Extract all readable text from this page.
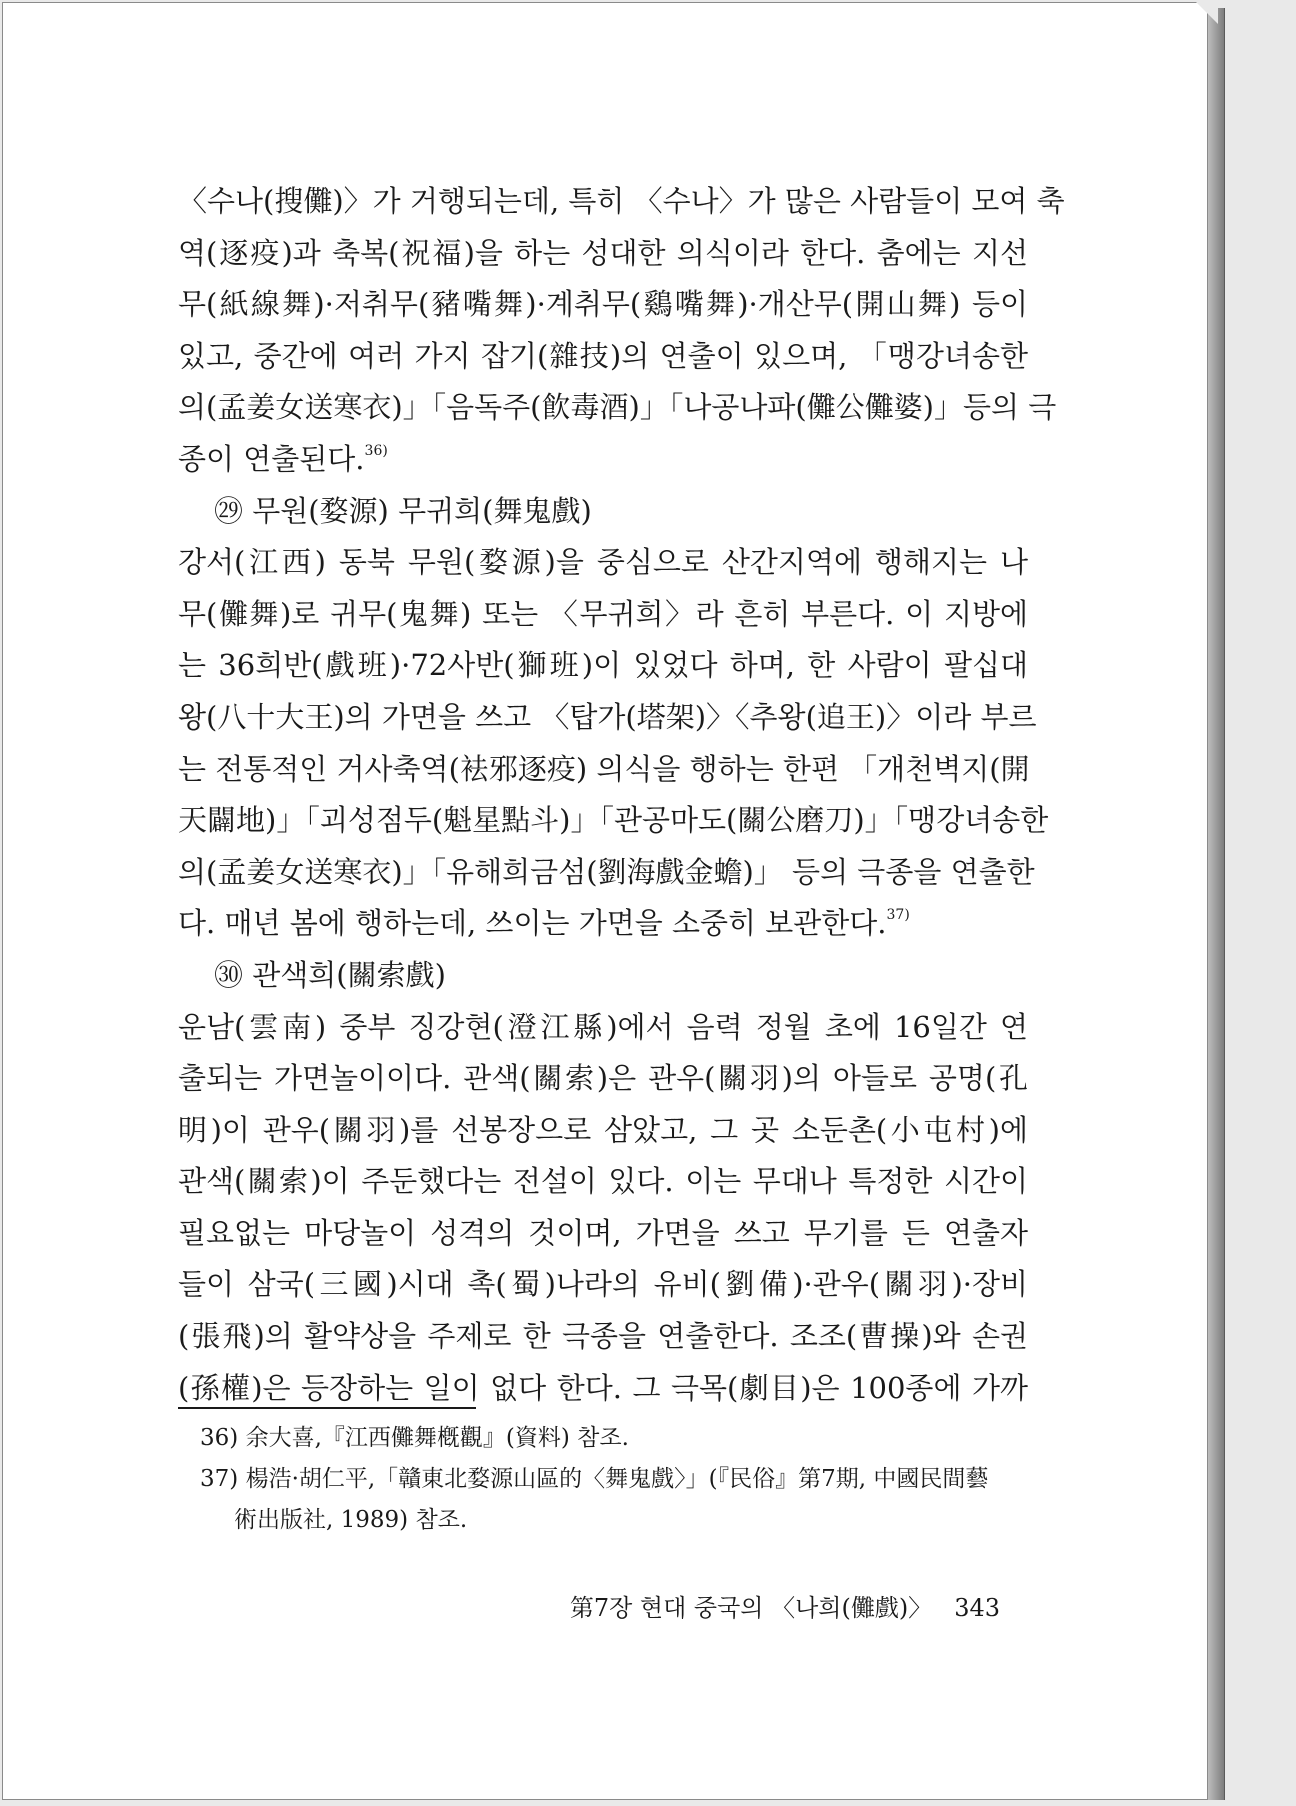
〈수나(搜儺)〉가 거행되는데, 특히 〈수나〉가 많은 사람들이 모여 축
역(逐疫)과 축복(祝福)을 하는 성대한 의식이라 한다. 춤에는 지선
무(紙線舞)·저취무(豬嘴舞)·계취무(鷄嘴舞)·개산무(開山舞) 등이
있고, 중간에 여러 가지 잡기(雜技)의 연출이 있으며, 「맹강녀송한
의(孟姜女送寒衣)」「음독주(飮毒酒)」「나공나파(儺公儺婆)」등의 극
종이 연출된다.$^{36)}$
㉙ 무원(婺源) 무귀희(舞鬼戲)
강서(江西) 동북 무원(婺源)을 중심으로 산간지역에 행해지는 나
무(儺舞)로 귀무(鬼舞) 또는 〈무귀희〉라 흔히 부른다. 이 지방에
는 36희반(戲班)·72사반(獅班)이 있었다 하며, 한 사람이 팔십대
왕(八十大王)의 가면을 쓰고 〈탑가(塔架)〉〈추왕(追王)〉이라 부르
는 전통적인 거사축역(袪邪逐疫) 의식을 행하는 한편 「개천벽지(開
天闢地)」「괴성점두(魁星點斗)」「관공마도(關公磨刀)」「맹강녀송한
의(孟姜女送寒衣)」「유해희금섬(劉海戲金蟾)」 등의 극종을 연출한
다. 매년 봄에 행하는데, 쓰이는 가면을 소중히 보관한다.$^{37)}$
㉚ 관색희(關索戲)
운남(雲南) 중부 징강현(澄江縣)에서 음력 정월 초에 16일간 연
출되는 가면놀이이다. 관색(關索)은 관우(關羽)의 아들로 공명(孔
明)이 관우(關羽)를 선봉장으로 삼았고, 그 곳 소둔촌(小屯村)에
관색(關索)이 주둔했다는 전설이 있다. 이는 무대나 특정한 시간이
필요없는 마당놀이 성격의 것이며, 가면을 쓰고 무기를 든 연출자
들이 삼국(三國)시대 촉(蜀)나라의 유비(劉備)·관우(關羽)·장비
(張飛)의 활약상을 주제로 한 극종을 연출한다. 조조(曹操)와 손권
(孫權)은 등장하는 일이 없다 한다. 그 극목(劇目)은 100종에 가까
36) 余大喜,『江西儺舞槪觀』(資料) 참조.
37) 楊浩·胡仁平,「贛東北婺源山區的〈舞鬼戲〉」(『民俗』第7期, 中國民間藝
術出版社, 1989) 참조.
第7장 현대 중국의 〈나희(儺戲)〉 343
